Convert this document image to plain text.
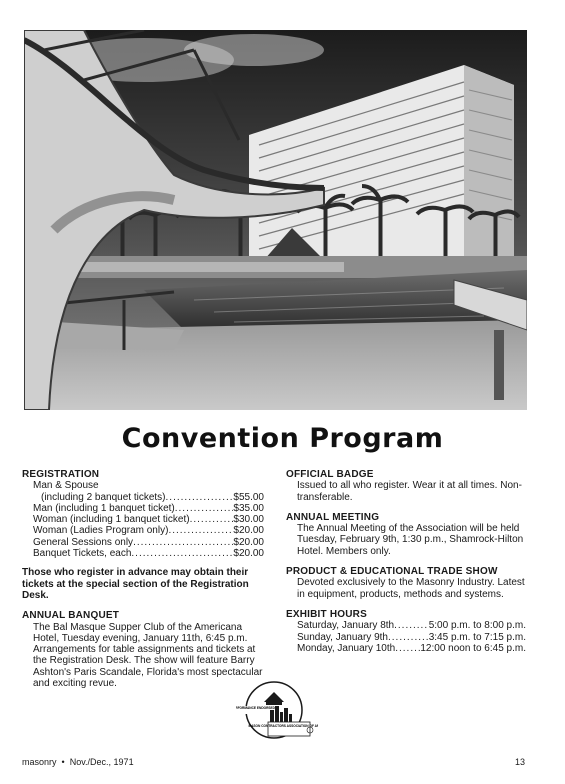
Convention Program
REGISTRATION
Man & Spouse
(including 2 banquet tickets) .....	$55.00
Man (including 1 banquet ticket) .....	$35.00
Woman (including 1 banquet ticket) .....	$30.00
Woman (Ladies Program only) .....	$20.00
General Sessions only .....	$20.00
Banquet Tickets, each .....	$20.00
Those who register in advance may obtain their tickets at the special section of the Registration Desk.
ANNUAL BANQUET
The Bal Masque Supper Club of the Americana Hotel, Tuesday evening, January 11th, 6:45 p.m. Arrangements for table assignments and tickets at the Registration Desk. The show will feature Barry Ashton's Paris Scandale, Florida's most spectacular and exciting revue.
OFFICIAL BADGE
Issued to all who register. Wear it at all times. Non-transferable.
ANNUAL MEETING
The Annual Meeting of the Association will be held Tuesday, February 9th, 1:30 p.m., Shamrock-Hilton Hotel. Members only.
PRODUCT & EDUCATIONAL TRADE SHOW
Devoted exclusively to the Masonry Industry. Latest in equipment, products, methods and systems.
EXHIBIT HOURS
Saturday, January 8th .....	5:00 p.m. to 8:00 p.m.
Sunday, January 9th .....	3:45 p.m. to 7:15 p.m.
Monday, January 10th .....	12:00 noon to 6:45 p.m.
RFORMANCE ENDORSED
MASON CONTRACTORS ASSOCIATION OF A
masonry • Nov./Dec., 1971	13
